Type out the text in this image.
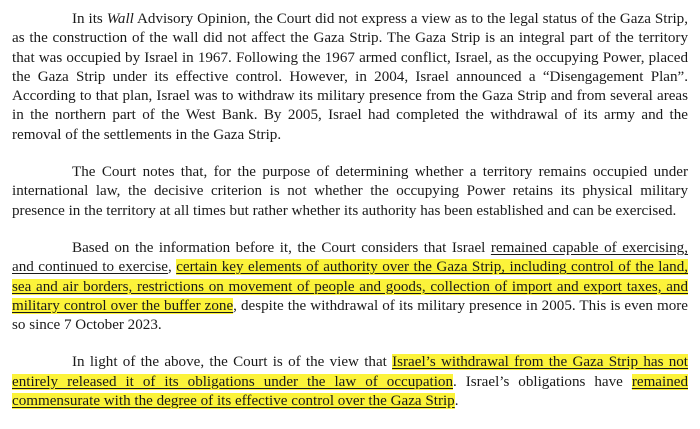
In its Wall Advisory Opinion, the Court did not express a view as to the legal status of the Gaza Strip, as the construction of the wall did not affect the Gaza Strip. The Gaza Strip is an integral part of the territory that was occupied by Israel in 1967. Following the 1967 armed conflict, Israel, as the occupying Power, placed the Gaza Strip under its effective control. However, in 2004, Israel announced a “Disengagement Plan”. According to that plan, Israel was to withdraw its military presence from the Gaza Strip and from several areas in the northern part of the West Bank. By 2005, Israel had completed the withdrawal of its army and the removal of the settlements in the Gaza Strip.

The Court notes that, for the purpose of determining whether a territory remains occupied under international law, the decisive criterion is not whether the occupying Power retains its physical military presence in the territory at all times but rather whether its authority has been established and can be exercised.

Based on the information before it, the Court considers that Israel remained capable of exercising, and continued to exercise, certain key elements of authority over the Gaza Strip, including control of the land, sea and air borders, restrictions on movement of people and goods, collection of import and export taxes, and military control over the buffer zone, despite the withdrawal of its military presence in 2005. This is even more so since 7 October 2023.

In light of the above, the Court is of the view that Israel’s withdrawal from the Gaza Strip has not entirely released it of its obligations under the law of occupation. Israel’s obligations have remained commensurate with the degree of its effective control over the Gaza Strip.
